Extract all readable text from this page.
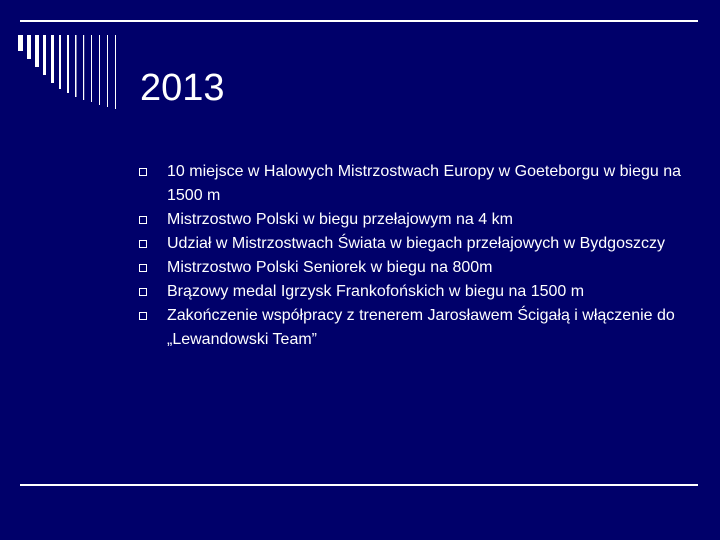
2013
10 miejsce w Halowych Mistrzostwach Europy w Goeteborgu w biegu na 1500 m
Mistrzostwo Polski w biegu przełajowym na 4 km
Udział w Mistrzostwach Świata w biegach przełajowych w Bydgoszczy
Mistrzostwo Polski Seniorek w biegu na 800m
Brązowy medal Igrzysk Frankofońskich w biegu na 1500 m
Zakończenie współpracy z trenerem Jarosławem Ścigałą i włączenie do „Lewandowski Team”
